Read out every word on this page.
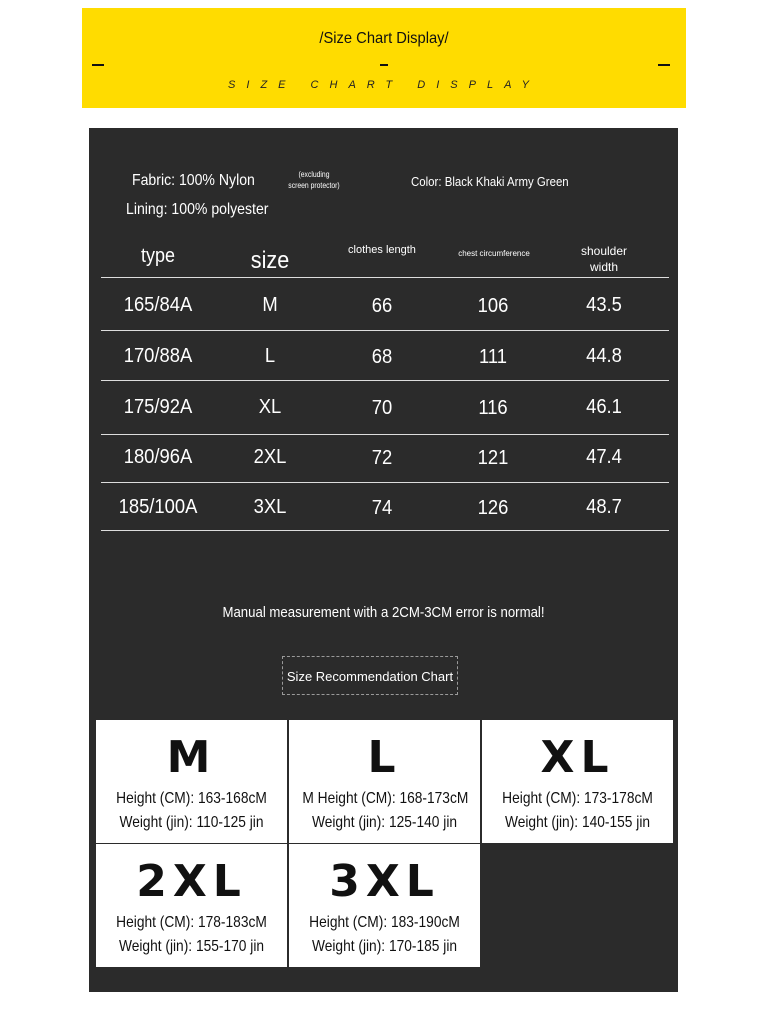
/Size Chart Display/
SIZE CHART DISPLAY
Fabric: 100% Nylon	(excluding screen protector)
Lining: 100% polyester
Color: Black Khaki Army Green
type	size	clothes length	chest circumference	shoulder width
165/84A	M	66	106	43.5
170/88A	L	68	111	44.8
175/92A	XL	70	116	46.1
180/96A	2XL	72	121	47.4
185/100A	3XL	74	126	48.7
Manual measurement with a 2CM-3CM error is normal!
Size Recommendation Chart
M
Height (CM): 163-168cM
Weight (jin): 110-125 jin
L
M Height (CM): 168-173cM
Weight (jin): 125-140 jin
XL
Height (CM): 173-178cM
Weight (jin): 140-155 jin
2XL
Height (CM): 178-183cM
Weight (jin): 155-170 jin
3XL
Height (CM): 183-190cM
Weight (jin): 170-185 jin
